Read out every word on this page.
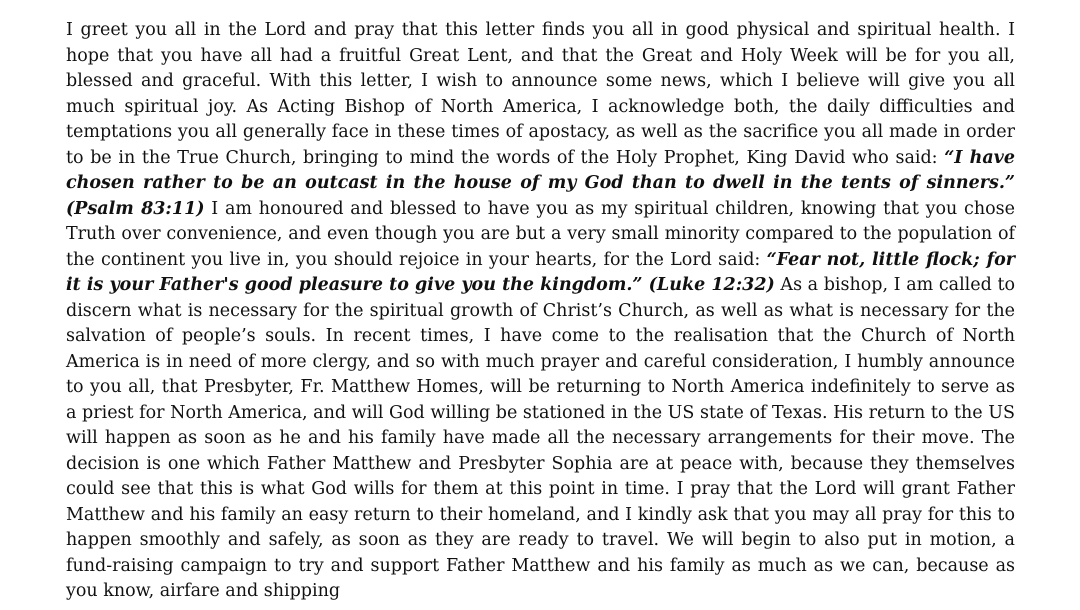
I greet you all in the Lord and pray that this letter finds you all in good physical and spiritual health. I hope that you have all had a fruitful Great Lent, and that the Great and Holy Week will be for you all, blessed and graceful. With this letter, I wish to announce some news, which I believe will give you all much spiritual joy. As Acting Bishop of North America, I acknowledge both, the daily difficulties and temptations you all generally face in these times of apostacy, as well as the sacrifice you all made in order to be in the True Church, bringing to mind the words of the Holy Prophet, King David who said: “I have chosen rather to be an outcast in the house of my God than to dwell in the tents of sinners.” (Psalm 83:11) I am honoured and blessed to have you as my spiritual children, knowing that you chose Truth over convenience, and even though you are but a very small minority compared to the population of the continent you live in, you should rejoice in your hearts, for the Lord said: “Fear not, little flock; for it is your Father's good pleasure to give you the kingdom.” (Luke 12:32) As a bishop, I am called to discern what is necessary for the spiritual growth of Christ’s Church, as well as what is necessary for the salvation of people’s souls. In recent times, I have come to the realisation that the Church of North America is in need of more clergy, and so with much prayer and careful consideration, I humbly announce to you all, that Presbyter, Fr. Matthew Homes, will be returning to North America indefinitely to serve as a priest for North America, and will God willing be stationed in the US state of Texas. His return to the US will happen as soon as he and his family have made all the necessary arrangements for their move. The decision is one which Father Matthew and Presbyter Sophia are at peace with, because they themselves could see that this is what God wills for them at this point in time. I pray that the Lord will grant Father Matthew and his family an easy return to their homeland, and I kindly ask that you may all pray for this to happen smoothly and safely, as soon as they are ready to travel. We will begin to also put in motion, a fund-raising campaign to try and support Father Matthew and his family as much as we can, because as you know, airfare and shipping
